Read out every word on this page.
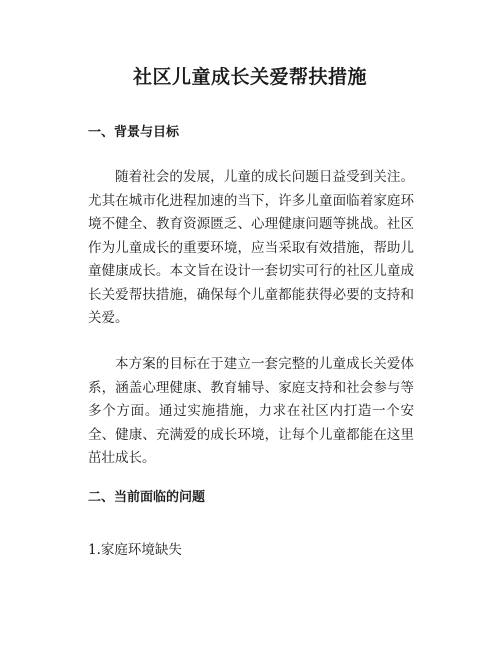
社区儿童成长关爱帮扶措施
一、背景与目标

随着社会的发展，儿童的成长问题日益受到关注。尤其在城市化进程加速的当下，许多儿童面临着家庭环境不健全、教育资源匮乏、心理健康问题等挑战。社区作为儿童成长的重要环境，应当采取有效措施，帮助儿童健康成长。本文旨在设计一套切实可行的社区儿童成长关爱帮扶措施，确保每个儿童都能获得必要的支持和关爱。

本方案的目标在于建立一套完整的儿童成长关爱体系，涵盖心理健康、教育辅导、家庭支持和社会参与等多个方面。通过实施措施，力求在社区内打造一个安全、健康、充满爱的成长环境，让每个儿童都能在这里茁壮成长。

二、当前面临的问题

1.家庭环境缺失
